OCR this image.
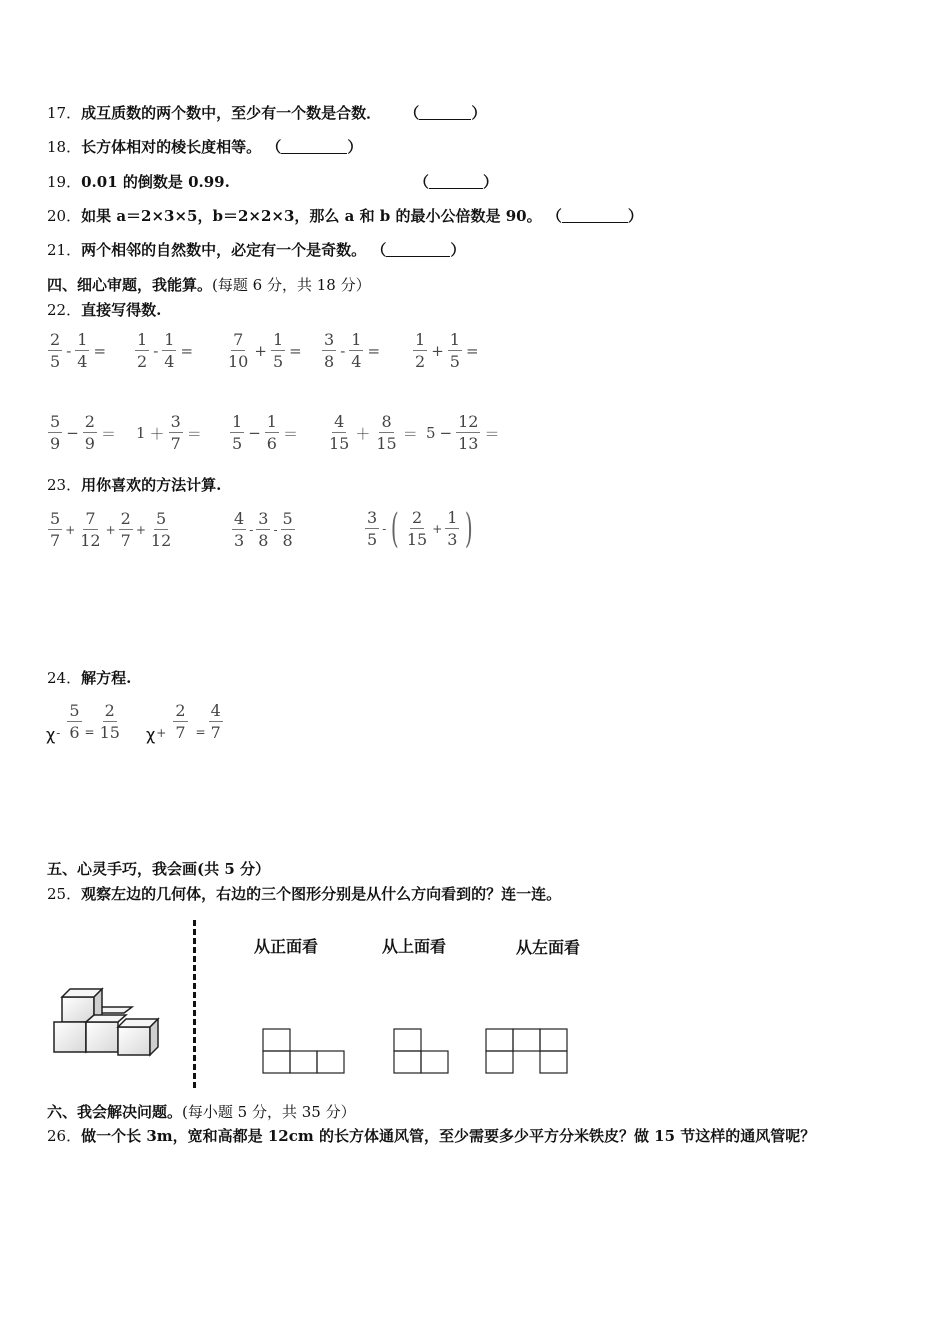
17．成互质数的两个数中，至少有一个数是合数． （	）
18．长方体相对的棱长度相等。 （	）
19．0.01 的倒数是 0.99.	（	）
20．如果 a＝2×3×5，b＝2×2×3，那么 a 和 b 的最小公倍数是 90。 （	）
21．两个相邻的自然数中，必定有一个是奇数。 （	）
四、细心审题，我能算。(每题 6 分，共 18 分）
22．直接写得数.
$\frac{2}{5} - \frac{1}{4} = \frac{1}{2} - \frac{1}{4} = \frac{7}{10} + \frac{1}{5} = \frac{3}{8} - \frac{1}{4} = \frac{1}{2} + \frac{1}{5}$ =
$\frac{5}{9} - \frac{2}{9} = 1 + \frac{3}{7} = \frac{1}{5} - \frac{1}{6} = \frac{4}{15} + \frac{8}{15} = 5 - \frac{12}{13}$ ＝
23．用你喜欢的方法计算.
$\frac{5}{7} + \frac{7}{12} + \frac{2}{7} + \frac{5}{12}$	$\frac{4}{3} - \frac{3}{8} - \frac{5}{8}$	$\frac{3}{5}$ - ( $\frac{2}{15} + \frac{1}{3}$ )
24．解方程.
$\chi - \frac{5}{6} = \frac{2}{15}$ $\chi + \frac{2}{7} = \frac{4}{7}$
五、心灵手巧，我会画(共 5 分）
25．观察左边的几何体，右边的三个图形分别是从什么方向看到的？连一连。
从正面看	从上面看	从左面看
六、我会解决问题。(每小题 5 分，共 35 分）
26．做一个长 3m，宽和高都是 12cm 的长方体通风管，至少需要多少平方分米铁皮？做 15 节这样的通风管呢？
